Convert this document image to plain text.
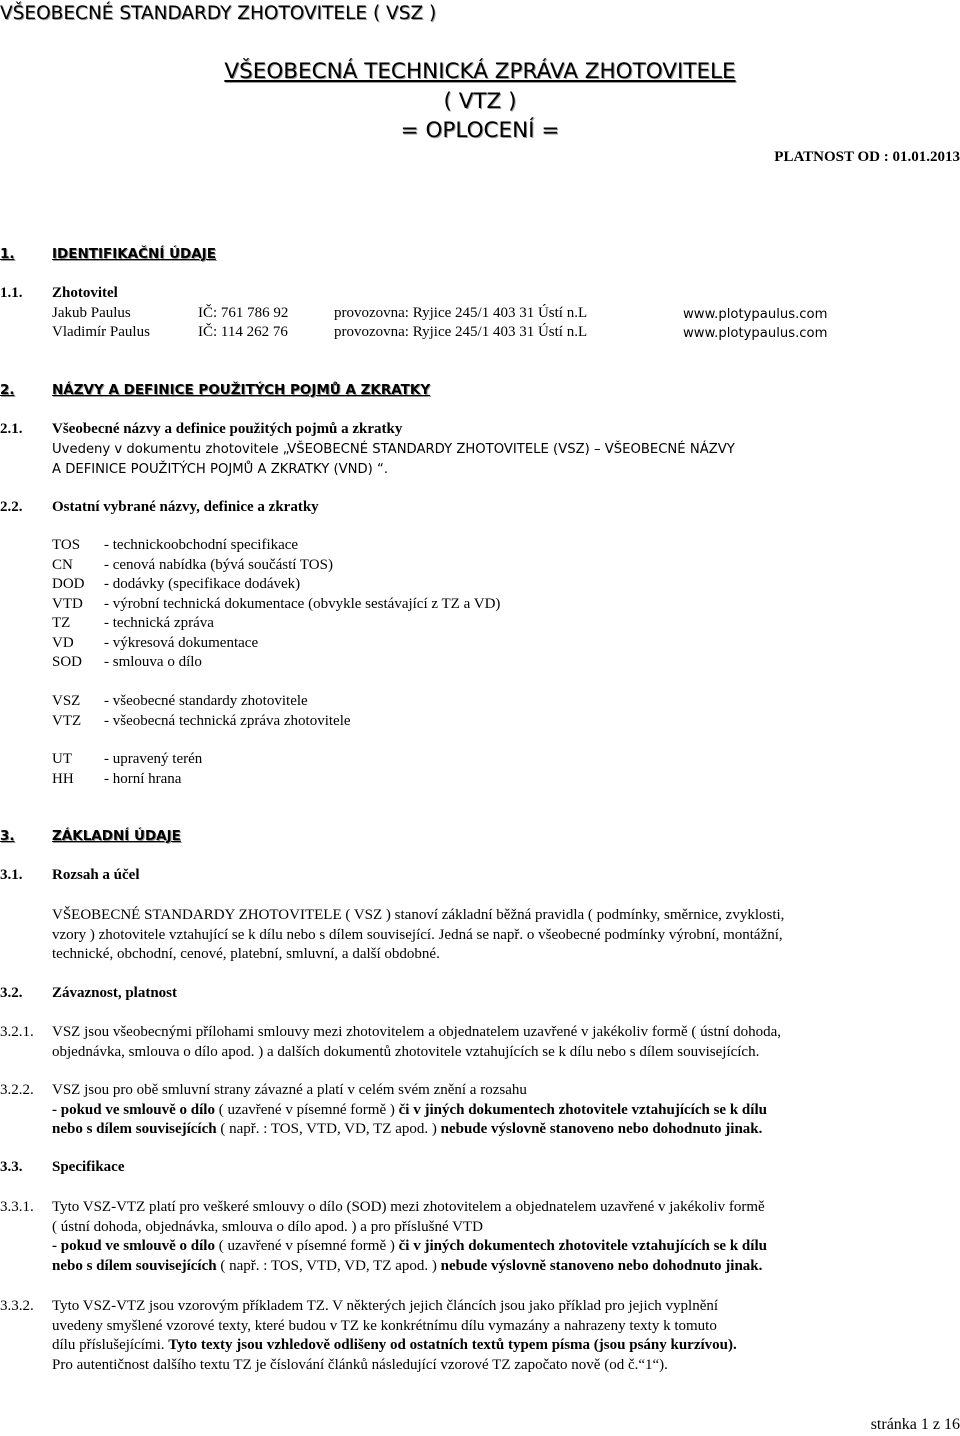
VŠEOBECNÉ STANDARDY ZHOTOVITELE ( VSZ )
VŠEOBECNÁ TECHNICKÁ ZPRÁVA ZHOTOVITELE
( VTZ )
= OPLOCENÍ =
PLATNOST OD : 01.01.2013
1.	IDENTIFIKAČNÍ ÚDAJE
1.1. Zhotovitel
Jakub Paulus	IČ: 761 786 92	provozovna: Ryjice 245/1 403 31 Ústí n.L	www.plotypaulus.com
Vladimír Paulus	IČ: 114 262 76	provozovna: Ryjice 245/1 403 31 Ústí n.L	www.plotypaulus.com
2.	NÁZVY A DEFINICE POUŽITÝCH POJMŮ A ZKRATKY
2.1. Všeobecné názvy a definice použitých pojmů a zkratky
Uvedeny v dokumentu zhotovitele „VŠEOBECNÉ STANDARDY ZHOTOVITELE (VSZ) – VŠEOBECNÉ NÁZVY
A DEFINICE POUŽITÝCH POJMŮ A ZKRATKY (VND) “.
2.2. Ostatní vybrané názvy, definice a zkratky
TOS - technickoobchodní specifikace
CN - cenová nabídka (bývá součástí TOS)
DOD - dodávky (specifikace dodávek)
VTD - výrobní technická dokumentace (obvykle sestávající z TZ a VD)
TZ - technická zpráva
VD - výkresová dokumentace
SOD - smlouva o dílo
VSZ - všeobecné standardy zhotovitele
VTZ - všeobecná technická zpráva zhotovitele
UT - upravený terén
HH - horní hrana
3.	ZÁKLADNÍ ÚDAJE
3.1. Rozsah a účel

VŠEOBECNÉ STANDARDY ZHOTOVITELE ( VSZ ) stanoví základní běžná pravidla ( podmínky, směrnice, zvyklosti,

vzory ) zhotovitele vztahující se k dílu nebo s dílem související. Jedná se např. o všeobecné podmínky výrobní, montážní,

technické, obchodní, cenové, platební, smluvní, a další obdobné.

3.2. Závaznost, platnost
3.2.1. VSZ jsou všeobecnými přílohami smlouvy mezi zhotovitelem a objednatelem uzavřené v jakékoliv formě ( ústní dohoda,

objednávka, smlouva o dílo apod. ) a dalších dokumentů zhotovitele vztahujících se k dílu nebo s dílem souvisejících.

3.2.2. VSZ jsou pro obě smluvní strany závazné a platí v celém svém znění a rozsahu

- pokud ve smlouvě o dílo ( uzavřené v písemné formě ) či v jiných dokumentech zhotovitele vztahujících se k dílu

nebo s dílem souvisejících ( např. : TOS, VTD, VD, TZ apod. ) nebude výslovně stanoveno nebo dohodnuto jinak.

3.3. Specifikace
3.3.1. Tyto VSZ-VTZ platí pro veškeré smlouvy o dílo (SOD) mezi zhotovitelem a objednatelem uzavřené v jakékoliv formě

( ústní dohoda, objednávka, smlouva o dílo apod. ) a pro příslušné VTD

- pokud ve smlouvě o dílo ( uzavřené v písemné formě ) či v jiných dokumentech zhotovitele vztahujících se k dílu

nebo s dílem souvisejících ( např. : TOS, VTD, VD, TZ apod. ) nebude výslovně stanoveno nebo dohodnuto jinak.

3.3.2. Tyto VSZ-VTZ jsou vzorovým příkladem TZ. V některých jejich článcích jsou jako příklad pro jejich vyplnění

uvedeny smyšlené vzorové texty, které budou v TZ ke konkrétnímu dílu vymazány a nahrazeny texty k tomuto

dílu příslušejícími. Tyto texty jsou vzhledově odlišeny od ostatních textů typem písma (jsou psány kurzívou).

Pro autentičnost dalšího textu TZ je číslování článků následující vzorové TZ započato nově (od č.“1“).

stránka 1 z 16
